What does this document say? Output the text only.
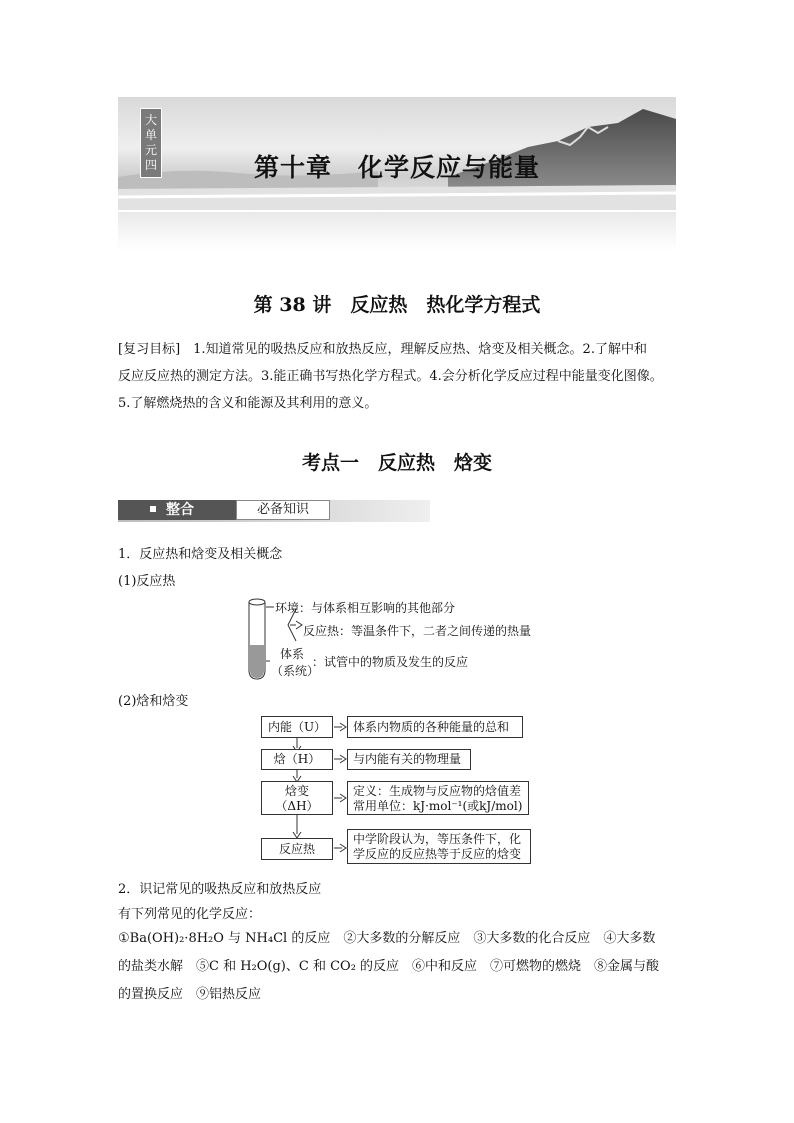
大
单
元
四	第十章　化学反应与能量
第 38 讲　反应热　热化学方程式
[复习目标]　1.知道常见的吸热反应和放热反应，理解反应热、焓变及相关概念。2.了解中和
反应反应热的测定方法。3.能正确书写热化学方程式。4.会分析化学反应过程中能量变化图像。
5.了解燃烧热的含义和能源及其利用的意义。
考点一　反应热　焓变
整合	必备知识
1．反应热和焓变及相关概念
(1)反应热
环境：与体系相互影响的其他部分
反应热：等温条件下，二者之间传递的热量
体系
（系统）
：试管中的物质及发生的反应
(2)焓和焓变
内能（U）	体系内物质的各种能量的总和
焓（H）	与内能有关的物理量
焓变
（ΔH）
定义：生成物与反应物的焓值差
常用单位：kJ·mol⁻¹(或kJ/mol)
反应热
中学阶段认为，等压条件下，化
学反应的反应热等于反应的焓变
2．识记常见的吸热反应和放热反应
有下列常见的化学反应：
①Ba(OH)₂·8H₂O 与 NH₄Cl 的反应　②大多数的分解反应　③大多数的化合反应　④大多数
的盐类水解　⑤C 和 H₂O(g)、C 和 CO₂ 的反应　⑥中和反应　⑦可燃物的燃烧　⑧金属与酸
的置换反应　⑨铝热反应
